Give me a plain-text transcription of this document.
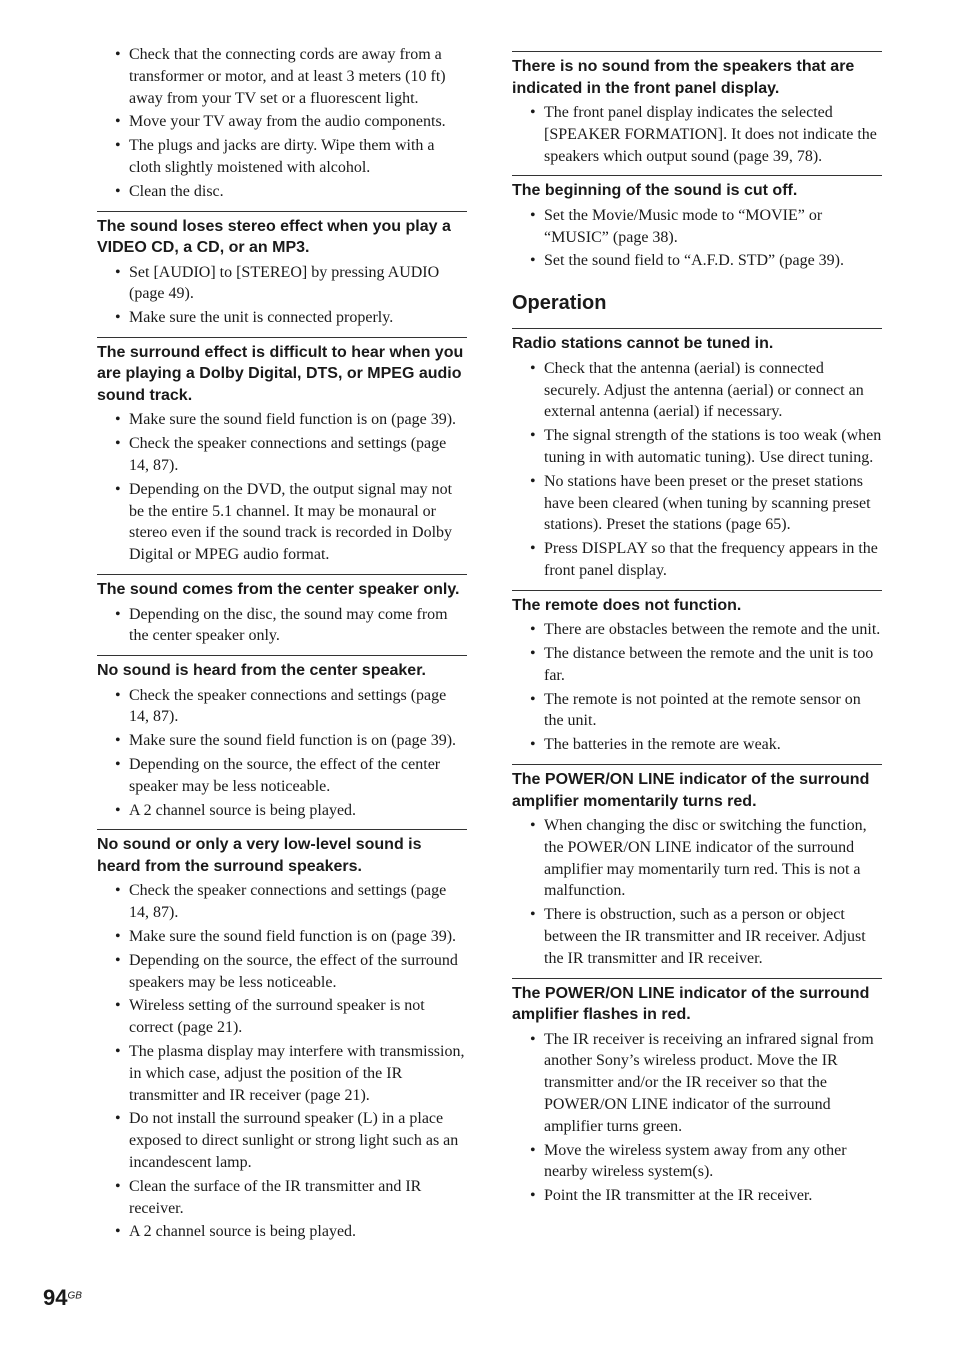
• Check that the connecting cords are away from a transformer or motor, and at least 3 meters (10 ft) away from your TV set or a fluorescent light.
• Move your TV away from the audio components.
• The plugs and jacks are dirty. Wipe them with a cloth slightly moistened with alcohol.
• Clean the disc.
The sound loses stereo effect when you play a VIDEO CD, a CD, or an MP3.
• Set [AUDIO] to [STEREO] by pressing AUDIO (page 49).
• Make sure the unit is connected properly.
The surround effect is difficult to hear when you are playing a Dolby Digital, DTS, or MPEG audio sound track.
• Make sure the sound field function is on (page 39).
• Check the speaker connections and settings (page 14, 87).
• Depending on the DVD, the output signal may not be the entire 5.1 channel. It may be monaural or stereo even if the sound track is recorded in Dolby Digital or MPEG audio format.
The sound comes from the center speaker only.
• Depending on the disc, the sound may come from the center speaker only.
No sound is heard from the center speaker.
• Check the speaker connections and settings (page 14, 87).
• Make sure the sound field function is on (page 39).
• Depending on the source, the effect of the center speaker may be less noticeable.
• A 2 channel source is being played.
No sound or only a very low-level sound is heard from the surround speakers.
• Check the speaker connections and settings (page 14, 87).
• Make sure the sound field function is on (page 39).
• Depending on the source, the effect of the surround speakers may be less noticeable.
• Wireless setting of the surround speaker is not correct (page 21).
• The plasma display may interfere with transmission, in which case, adjust the position of the IR transmitter and IR receiver (page 21).
• Do not install the surround speaker (L) in a place exposed to direct sunlight or strong light such as an incandescent lamp.
• Clean the surface of the IR transmitter and IR receiver.
• A 2 channel source is being played.
There is no sound from the speakers that are indicated in the front panel display.
• The front panel display indicates the selected [SPEAKER FORMATION]. It does not indicate the speakers which output sound (page 39, 78).
The beginning of the sound is cut off.
• Set the Movie/Music mode to “MOVIE” or “MUSIC” (page 38).
• Set the sound field to “A.F.D. STD” (page 39).
Operation
Radio stations cannot be tuned in.
• Check that the antenna (aerial) is connected securely. Adjust the antenna (aerial) or connect an external antenna (aerial) if necessary.
• The signal strength of the stations is too weak (when tuning in with automatic tuning). Use direct tuning.
• No stations have been preset or the preset stations have been cleared (when tuning by scanning preset stations). Preset the stations (page 65).
• Press DISPLAY so that the frequency appears in the front panel display.
The remote does not function.
• There are obstacles between the remote and the unit.
• The distance between the remote and the unit is too far.
• The remote is not pointed at the remote sensor on the unit.
• The batteries in the remote are weak.
The POWER/ON LINE indicator of the surround amplifier momentarily turns red.
• When changing the disc or switching the function, the POWER/ON LINE indicator of the surround amplifier may momentarily turn red. This is not a malfunction.
• There is obstruction, such as a person or object between the IR transmitter and IR receiver. Adjust the IR transmitter and IR receiver.
The POWER/ON LINE indicator of the surround amplifier flashes in red.
• The IR receiver is receiving an infrared signal from another Sony’s wireless product. Move the IR transmitter and/or the IR receiver so that the POWER/ON LINE indicator of the surround amplifier turns green.
• Move the wireless system away from any other nearby wireless system(s).
• Point the IR transmitter at the IR receiver.
$94^{GB}$
